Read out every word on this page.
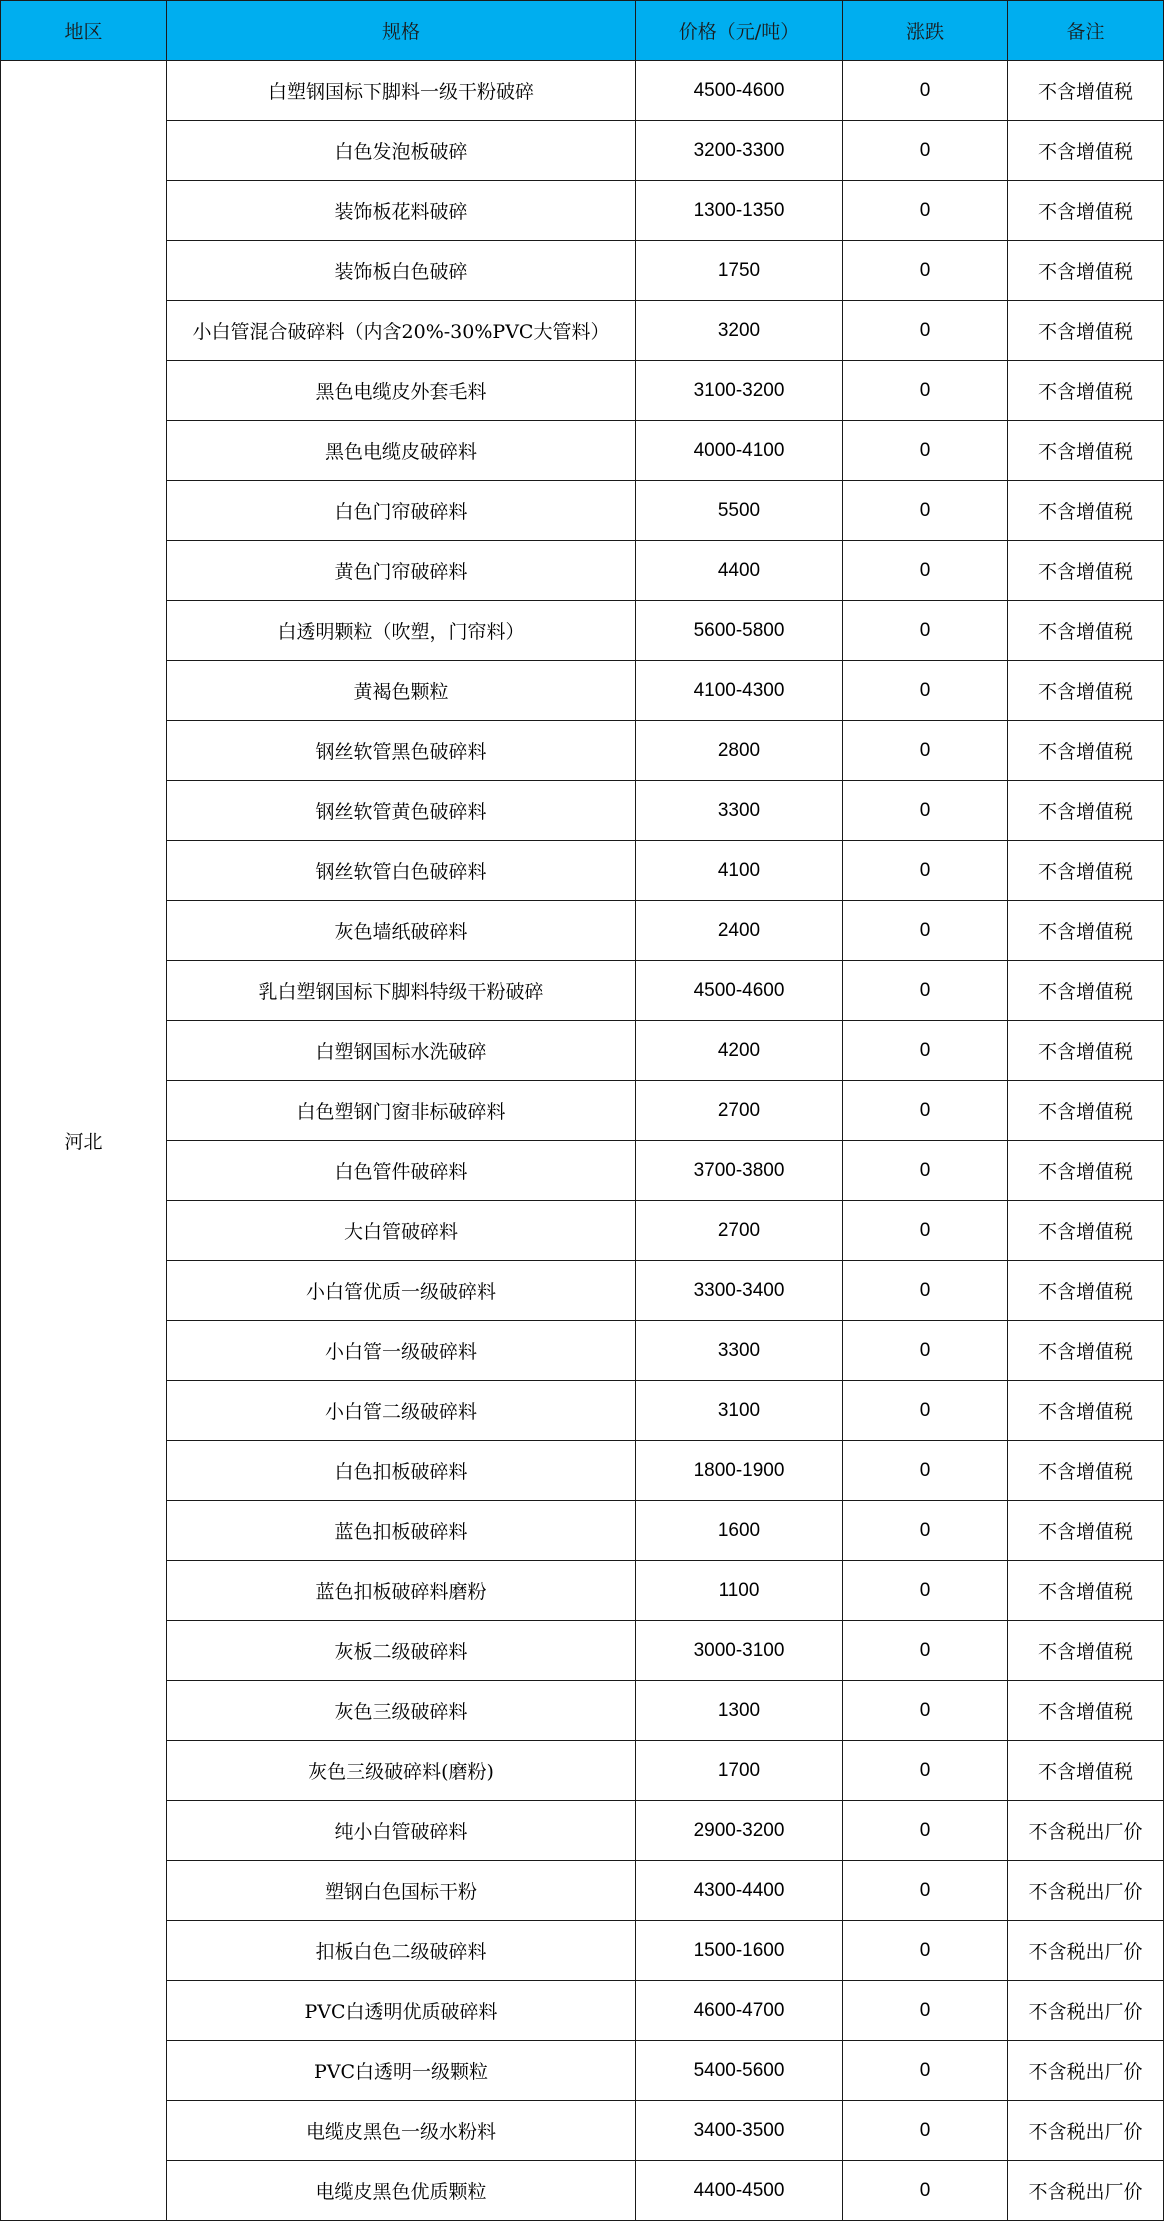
地区	规格	价格（元/吨）	涨跌	备注
河北	白塑钢国标下脚料一级干粉破碎	4500-4600	0	不含增值税
	白色发泡板破碎	3200-3300	0	不含增值税
	装饰板花料破碎	1300-1350	0	不含增值税
	装饰板白色破碎	1750	0	不含增值税
	小白管混合破碎料（内含20%-30%PVC大管料）	3200	0	不含增值税
	黑色电缆皮外套毛料	3100-3200	0	不含增值税
	黑色电缆皮破碎料	4000-4100	0	不含增值税
	白色门帘破碎料	5500	0	不含增值税
	黄色门帘破碎料	4400	0	不含增值税
	白透明颗粒（吹塑，门帘料）	5600-5800	0	不含增值税
	黄褐色颗粒	4100-4300	0	不含增值税
	钢丝软管黑色破碎料	2800	0	不含增值税
	钢丝软管黄色破碎料	3300	0	不含增值税
	钢丝软管白色破碎料	4100	0	不含增值税
	灰色墙纸破碎料	2400	0	不含增值税
	乳白塑钢国标下脚料特级干粉破碎	4500-4600	0	不含增值税
	白塑钢国标水洗破碎	4200	0	不含增值税
	白色塑钢门窗非标破碎料	2700	0	不含增值税
	白色管件破碎料	3700-3800	0	不含增值税
	大白管破碎料	2700	0	不含增值税
	小白管优质一级破碎料	3300-3400	0	不含增值税
	小白管一级破碎料	3300	0	不含增值税
	小白管二级破碎料	3100	0	不含增值税
	白色扣板破碎料	1800-1900	0	不含增值税
	蓝色扣板破碎料	1600	0	不含增值税
	蓝色扣板破碎料磨粉	1100	0	不含增值税
	灰板二级破碎料	3000-3100	0	不含增值税
	灰色三级破碎料	1300	0	不含增值税
	灰色三级破碎料(磨粉)	1700	0	不含增值税
	纯小白管破碎料	2900-3200	0	不含税出厂价
	塑钢白色国标干粉	4300-4400	0	不含税出厂价
	扣板白色二级破碎料	1500-1600	0	不含税出厂价
	PVC白透明优质破碎料	4600-4700	0	不含税出厂价
	PVC白透明一级颗粒	5400-5600	0	不含税出厂价
	电缆皮黑色一级水粉料	3400-3500	0	不含税出厂价
	电缆皮黑色优质颗粒	4400-4500	0	不含税出厂价
